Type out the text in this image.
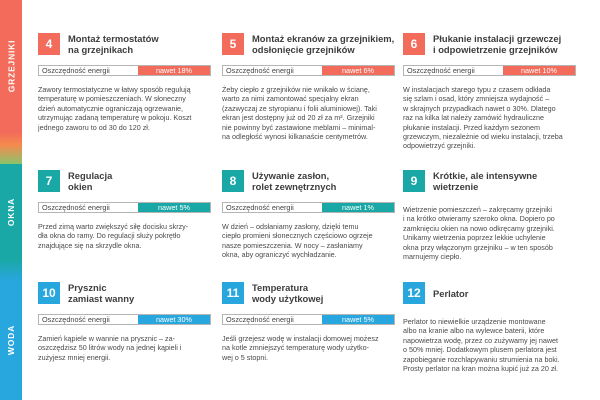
GRZEJNIKI
OKNA
WODA
4	Montaż termostatów
na grzejnikach
Oszczędność energii	nawet 18%
Zawory termostatyczne w łatwy sposób regulują
temperaturę w pomieszczeniach. W słoneczny
dzień automatycznie ograniczają ogrzewanie,
utrzymując zadaną temperaturę w pokoju. Koszt
jednego zaworu to od 30 do 120 zł.
5	Montaż ekranów za grzejnikiem,
odsłonięcie grzejników
Oszczędność energii	nawet 6%
Żeby ciepło z grzejników nie wnikało w ścianę,
warto za nimi zamontować specjalny ekran
(zazwyczaj ze styropianu i folii aluminiowej). Taki
ekran jest dostępny już od 20 zł za m². Grzejniki
nie powinny być zastawione meblami – minimal-
na odległość wynosi kilkanaście centymetrów.
6	Płukanie instalacji grzewczej
i odpowietrzenie grzejników
Oszczędność energii	nawet 10%
W instalacjach starego typu z czasem odkłada
się szlam i osad, który zmniejsza wydajność –
w skrajnych przypadkach nawet o 30%. Dlatego
raz na kilka lat należy zamówić hydrauliczne
płukanie instalacji. Przed każdym sezonem
grzewczym, niezależnie od wieku instalacji, trzeba
odpowietrzyć grzejniki.
7	Regulacja
okien
Oszczędność energii	nawet 5%
Przed zimą warto zwiększyć siłę docisku skrzy-
dła okna do ramy. Do regulacji służy pokrętło
znajdujące się na skrzydle okna.
8	Używanie zasłon,
rolet zewnętrznych
Oszczędność energii	nawet 1%
W dzień – odsłaniamy zasłony, dzięki temu
ciepło promieni słonecznych częściowo ogrzeje
nasze pomieszczenia. W nocy – zasłaniamy
okna, aby ograniczyć wychładzanie.
9	Krótkie, ale intensywne
wietrzenie
Wietrzenie pomieszczeń – zakręcamy grzejniki
i na krótko otwieramy szeroko okna. Dopiero po
zamknięciu okien na nowo odkręcamy grzejniki.
Unikamy wietrzenia poprzez lekkie uchylenie
okna przy włączonym grzejniku – w ten sposób
marnujemy ciepło.
10	Prysznic
zamiast wanny
Oszczędność energii	nawet 30%
Zamień kąpiele w wannie na prysznic – za-
oszczędzisz 50 litrów wody na jednej kąpieli i
zużyjesz mniej energii.
11	Temperatura
wody użytkowej
Oszczędność energii	nawet 5%
Jeśli grzejesz wodę w instalacji domowej możesz
na kotle zmniejszyć temperaturę wody użytko-
wej o 5 stopni.
12	Perlator
Perlator to niewielkie urządzenie montowane
albo na kranie albo na wylewce baterii, które
napowietrza wodę, przez co zużywamy jej nawet
o 50% mniej. Dodatkowym plusem perlatora jest
zapobieganie rozchlapywaniu strumienia na boki.
Prosty perlator na kran można kupić już za 20 zł.
